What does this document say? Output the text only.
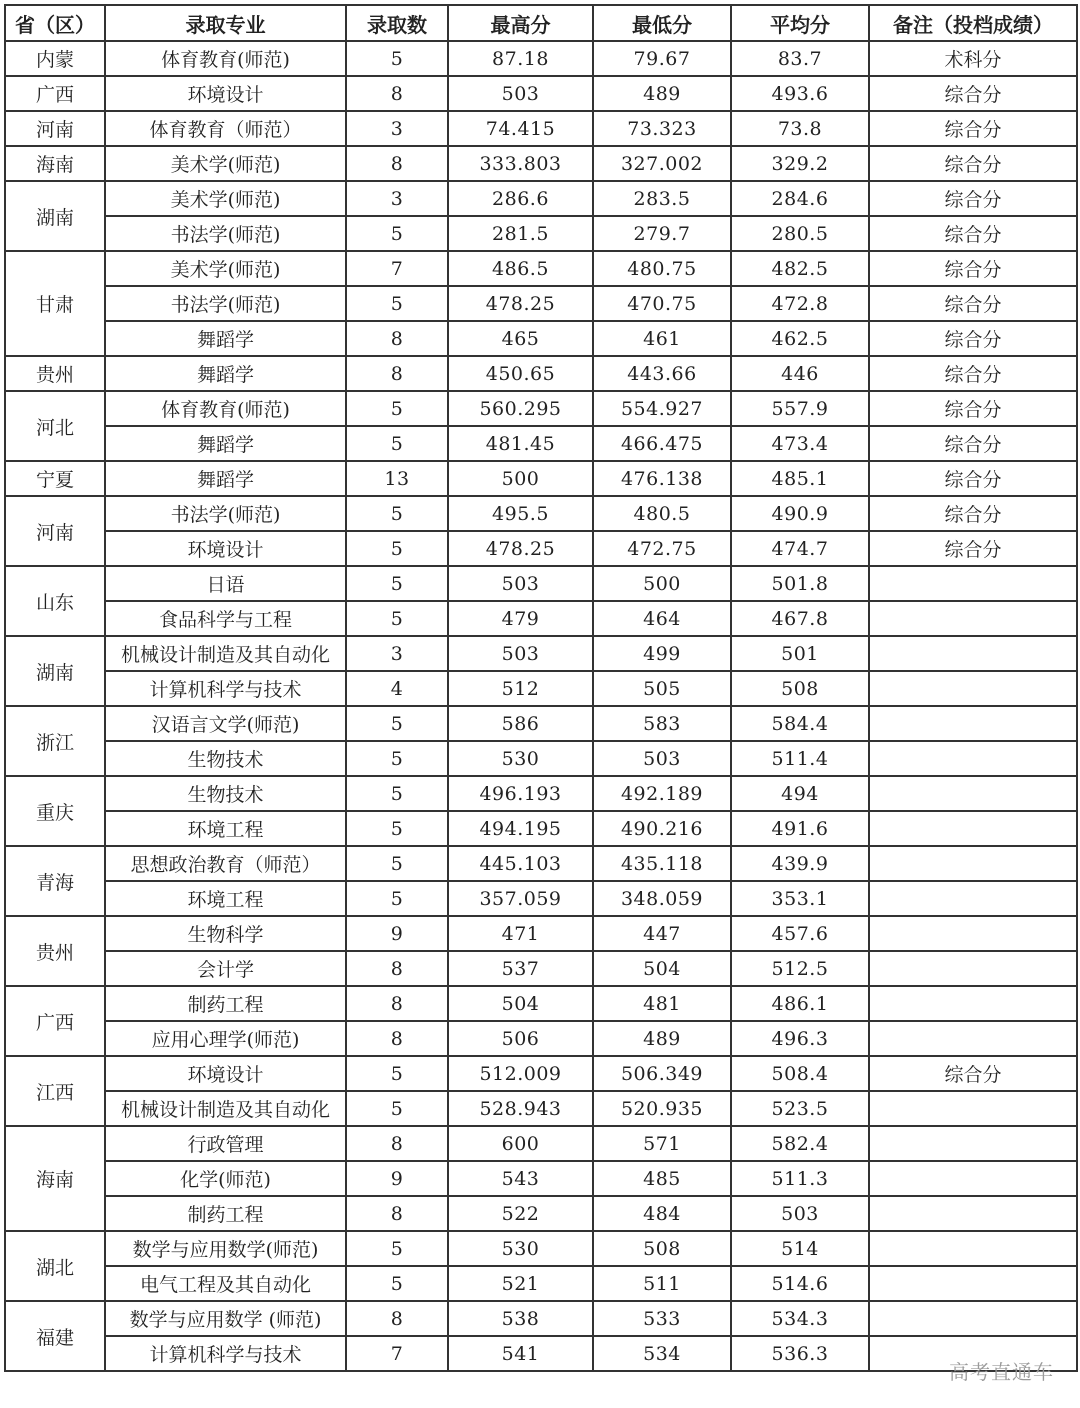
省（区）	录取专业	录取数	最高分	最低分	平均分	备注（投档成绩）
内蒙	体育教育(师范)	5	87.18	79.67	83.7	术科分
广西	环境设计	8	503	489	493.6	综合分
河南	体育教育（师范）	3	74.415	73.323	73.8	综合分
海南	美术学(师范)	8	333.803	327.002	329.2	综合分
湖南	美术学(师范)	3	286.6	283.5	284.6	综合分
	书法学(师范)	5	281.5	279.7	280.5	综合分
甘肃	美术学(师范)	7	486.5	480.75	482.5	综合分
	书法学(师范)	5	478.25	470.75	472.8	综合分
	舞蹈学	8	465	461	462.5	综合分
贵州	舞蹈学	8	450.65	443.66	446	综合分
河北	体育教育(师范)	5	560.295	554.927	557.9	综合分
	舞蹈学	5	481.45	466.475	473.4	综合分
宁夏	舞蹈学	13	500	476.138	485.1	综合分
河南	书法学(师范)	5	495.5	480.5	490.9	综合分
	环境设计	5	478.25	472.75	474.7	综合分
山东	日语	5	503	500	501.8	
	食品科学与工程	5	479	464	467.8	
湖南	机械设计制造及其自动化	3	503	499	501	
	计算机科学与技术	4	512	505	508	
浙江	汉语言文学(师范)	5	586	583	584.4	
	生物技术	5	530	503	511.4	
重庆	生物技术	5	496.193	492.189	494	
	环境工程	5	494.195	490.216	491.6	
青海	思想政治教育（师范）	5	445.103	435.118	439.9	
	环境工程	5	357.059	348.059	353.1	
贵州	生物科学	9	471	447	457.6	
	会计学	8	537	504	512.5	
广西	制药工程	8	504	481	486.1	
	应用心理学(师范)	8	506	489	496.3	
江西	环境设计	5	512.009	506.349	508.4	综合分
	机械设计制造及其自动化	5	528.943	520.935	523.5	
海南	行政管理	8	600	571	582.4	
	化学(师范)	9	543	485	511.3	
	制药工程	8	522	484	503	
湖北	数学与应用数学(师范)	5	530	508	514	
	电气工程及其自动化	5	521	511	514.6	
福建	数学与应用数学 (师范)	8	538	533	534.3	
	计算机科学与技术	7	541	534	536.3	
高考直通车
